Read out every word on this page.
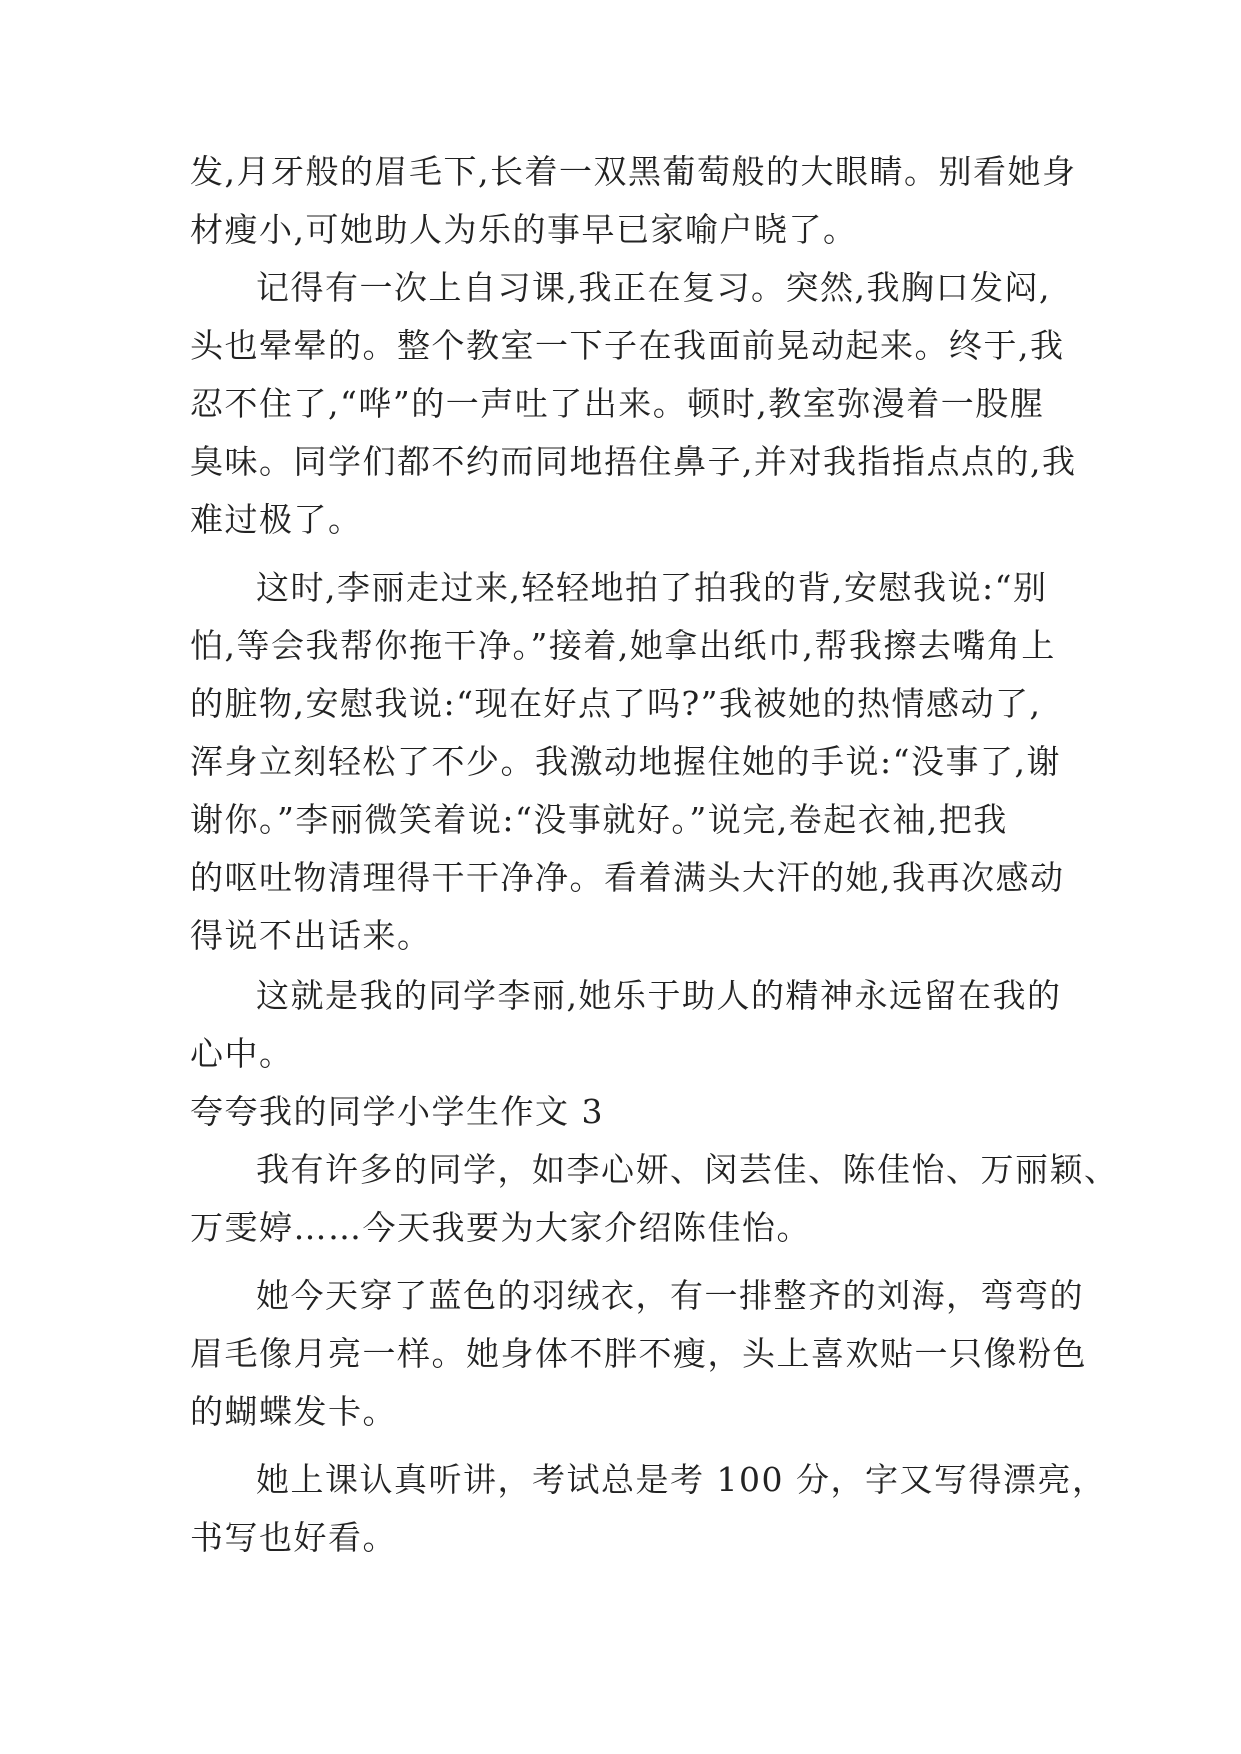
发,月牙般的眉毛下,长着一双黑葡萄般的大眼睛。别看她身
材瘦小,可她助人为乐的事早已家喻户晓了。
记得有一次上自习课,我正在复习。突然,我胸口发闷,
头也晕晕的。整个教室一下子在我面前晃动起来。终于,我
忍不住了,“哗”的一声吐了出来。顿时,教室弥漫着一股腥
臭味。同学们都不约而同地捂住鼻子,并对我指指点点的,我
难过极了。
这时,李丽走过来,轻轻地拍了拍我的背,安慰我说:“别
怕,等会我帮你拖干净。”接着,她拿出纸巾,帮我擦去嘴角上
的脏物,安慰我说:“现在好点了吗?”我被她的热情感动了,
浑身立刻轻松了不少。我激动地握住她的手说:“没事了,谢
谢你。”李丽微笑着说:“没事就好。”说完,卷起衣袖,把我
的呕吐物清理得干干净净。看着满头大汗的她,我再次感动
得说不出话来。
这就是我的同学李丽,她乐于助人的精神永远留在我的
心中。
夸夸我的同学小学生作文 3
我有许多的同学，如李心妍、闵芸佳、陈佳怡、万丽颖、
万雯婷……今天我要为大家介绍陈佳怡。
她今天穿了蓝色的羽绒衣，有一排整齐的刘海，弯弯的
眉毛像月亮一样。她身体不胖不瘦，头上喜欢贴一只像粉色
的蝴蝶发卡。
她上课认真听讲，考试总是考 100 分，字又写得漂亮，
书写也好看。
